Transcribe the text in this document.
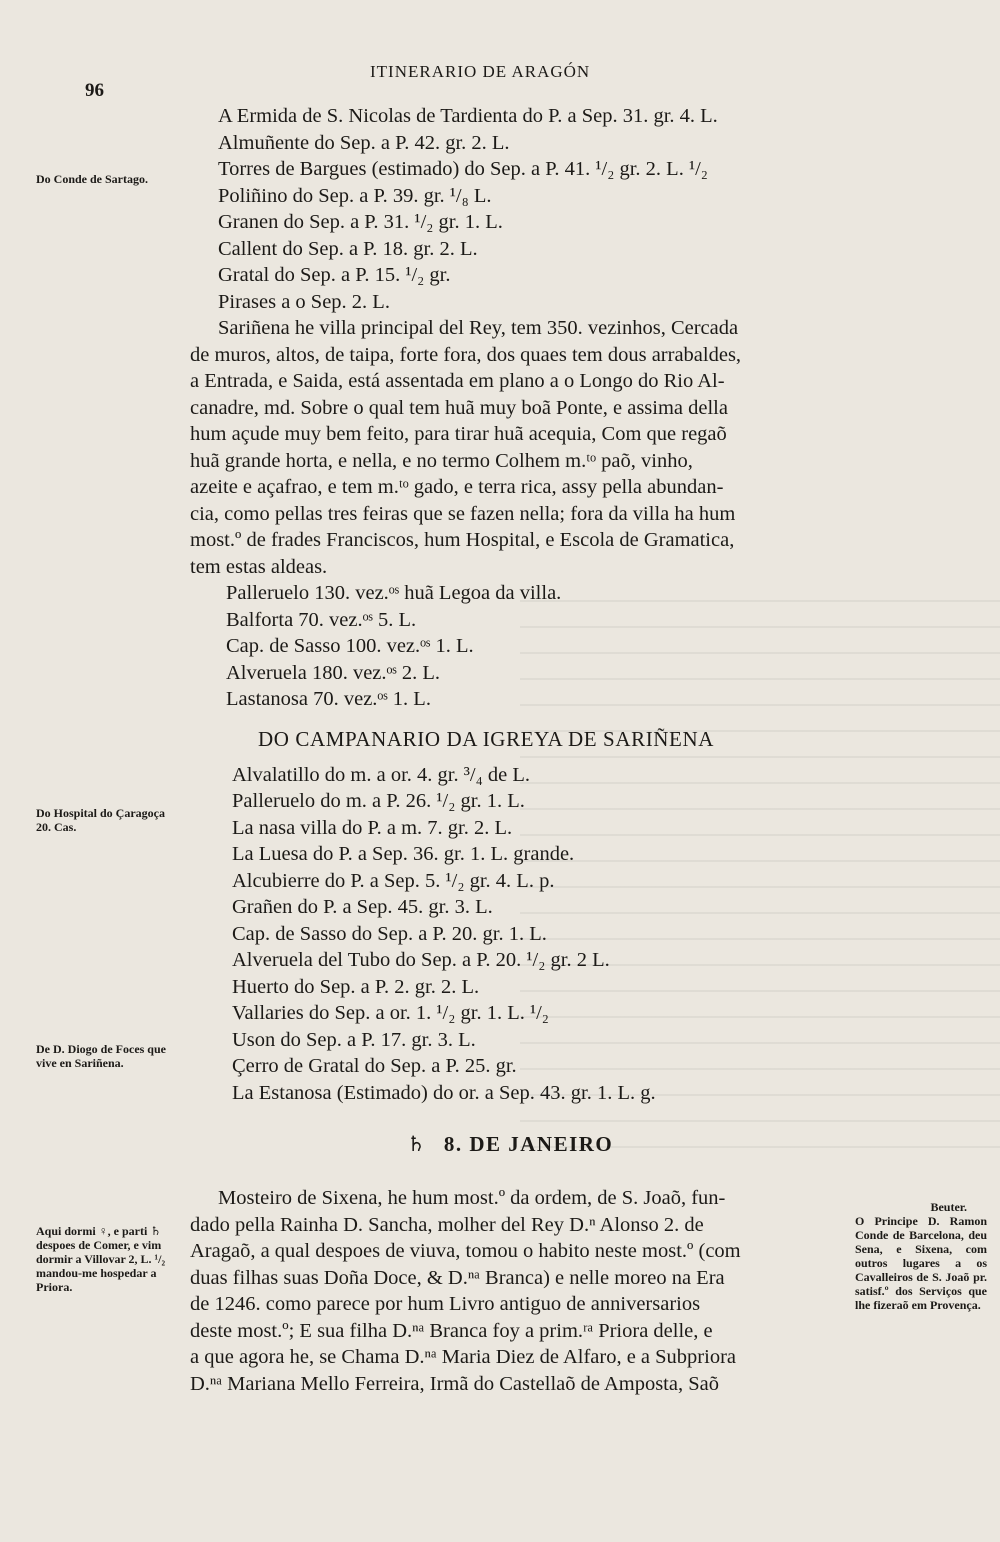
96
ITINERARIO DE ARAGÓN
Do Conde de Sartago.
Do Hospital do Çaragoça 20. Cas.
De D. Diogo de Foces que vive en Sariñena.
Aqui dormi ♀, e parti ♄ despoes de Comer, e vim dormir a Villovar 2, L. ¹/₂ mandou-me hospedar a Priora.
Beuter.
O Principe D. Ramon Conde de Barcelona, deu Sena, e Sixena, com outros lugares a os Cavalleiros de S. Joaõ pr. satisf.º dos Serviços que lhe fizeraõ em Provença.
A Ermida de S. Nicolas de Tardienta do P. a Sep. 31. gr. 4. L.
Almuñente do Sep. a P. 42. gr. 2. L.
Torres de Bargues (estimado) do Sep. a P. 41. ¹/₂ gr. 2. L. ¹/₂
Poliñino do Sep. a P. 39. gr. ¹/₈ L.
Granen do Sep. a P. 31. ¹/₂ gr. 1. L.
Callent do Sep. a P. 18. gr. 2. L.
Gratal do Sep. a P. 15. ¹/₂ gr.
Pirases a o Sep. 2. L.
Sariñena he villa principal del Rey, tem 350. vezinhos, Cercada
de muros, altos, de taipa, forte fora, dos quaes tem dous arrabaldes,
a Entrada, e Saida, está assentada em plano a o Longo do Rio Al-
canadre, md. Sobre o qual tem huã muy boã Ponte, e assima della
hum açude muy bem feito, para tirar huã acequia, Com que regaõ
huã grande horta, e nella, e no termo Colhem m.ᵗᵒ paõ, vinho,
azeite e açafrao, e tem m.ᵗᵒ gado, e terra rica, assy pella abundan-
cia, como pellas tres feiras que se fazen nella; fora da villa ha hum
most.º de frades Franciscos, hum Hospital, e Escola de Gramatica,
tem estas aldeas.
Palleruelo 130. vez.ᵒˢ huã Legoa da villa.
Balforta 70. vez.ᵒˢ 5. L.
Cap. de Sasso 100. vez.ᵒˢ 1. L.
Alveruela 180. vez.ᵒˢ 2. L.
Lastanosa 70. vez.ᵒˢ 1. L.
DO CAMPANARIO DA IGREYA DE SARIÑENA
Alvalatillo do m. a or. 4. gr. ³/₄ de L.
Palleruelo do m. a P. 26. ¹/₂ gr. 1. L.
La nasa villa do P. a m. 7. gr. 2. L.
La Luesa do P. a Sep. 36. gr. 1. L. grande.
Alcubierre do P. a Sep. 5. ¹/₂ gr. 4. L. p.
Grañen do P. a Sep. 45. gr. 3. L.
Cap. de Sasso do Sep. a P. 20. gr. 1. L.
Alveruela del Tubo do Sep. a P. 20. ¹/₂ gr. 2 L.
Huerto do Sep. a P. 2. gr. 2. L.
Vallaries do Sep. a or. 1. ¹/₂ gr. 1. L. ¹/₂
Uson do Sep. a P. 17. gr. 3. L.
Çerro de Gratal do Sep. a P. 25. gr.
La Estanosa (Estimado) do or. a Sep. 43. gr. 1. L. g.
♄ 8. DE JANEIRO
Mosteiro de Sixena, he hum most.º da ordem, de S. Joaõ, fun-
dado pella Rainha D. Sancha, molher del Rey D.ⁿ Alonso 2. de
Aragaõ, a qual despoes de viuva, tomou o habito neste most.º (com
duas filhas suas Doña Doce, & D.ⁿᵃ Branca) e nelle moreo na Era
de 1246. como parece por hum Livro antiguo de anniversarios
deste most.º; E sua filha D.ⁿᵃ Branca foy a prim.ʳᵃ Priora delle, e
a que agora he, se Chama D.ⁿᵃ Maria Diez de Alfaro, e a Subpriora
D.ⁿᵃ Mariana Mello Ferreira, Irmã do Castellaõ de Amposta, Saõ
